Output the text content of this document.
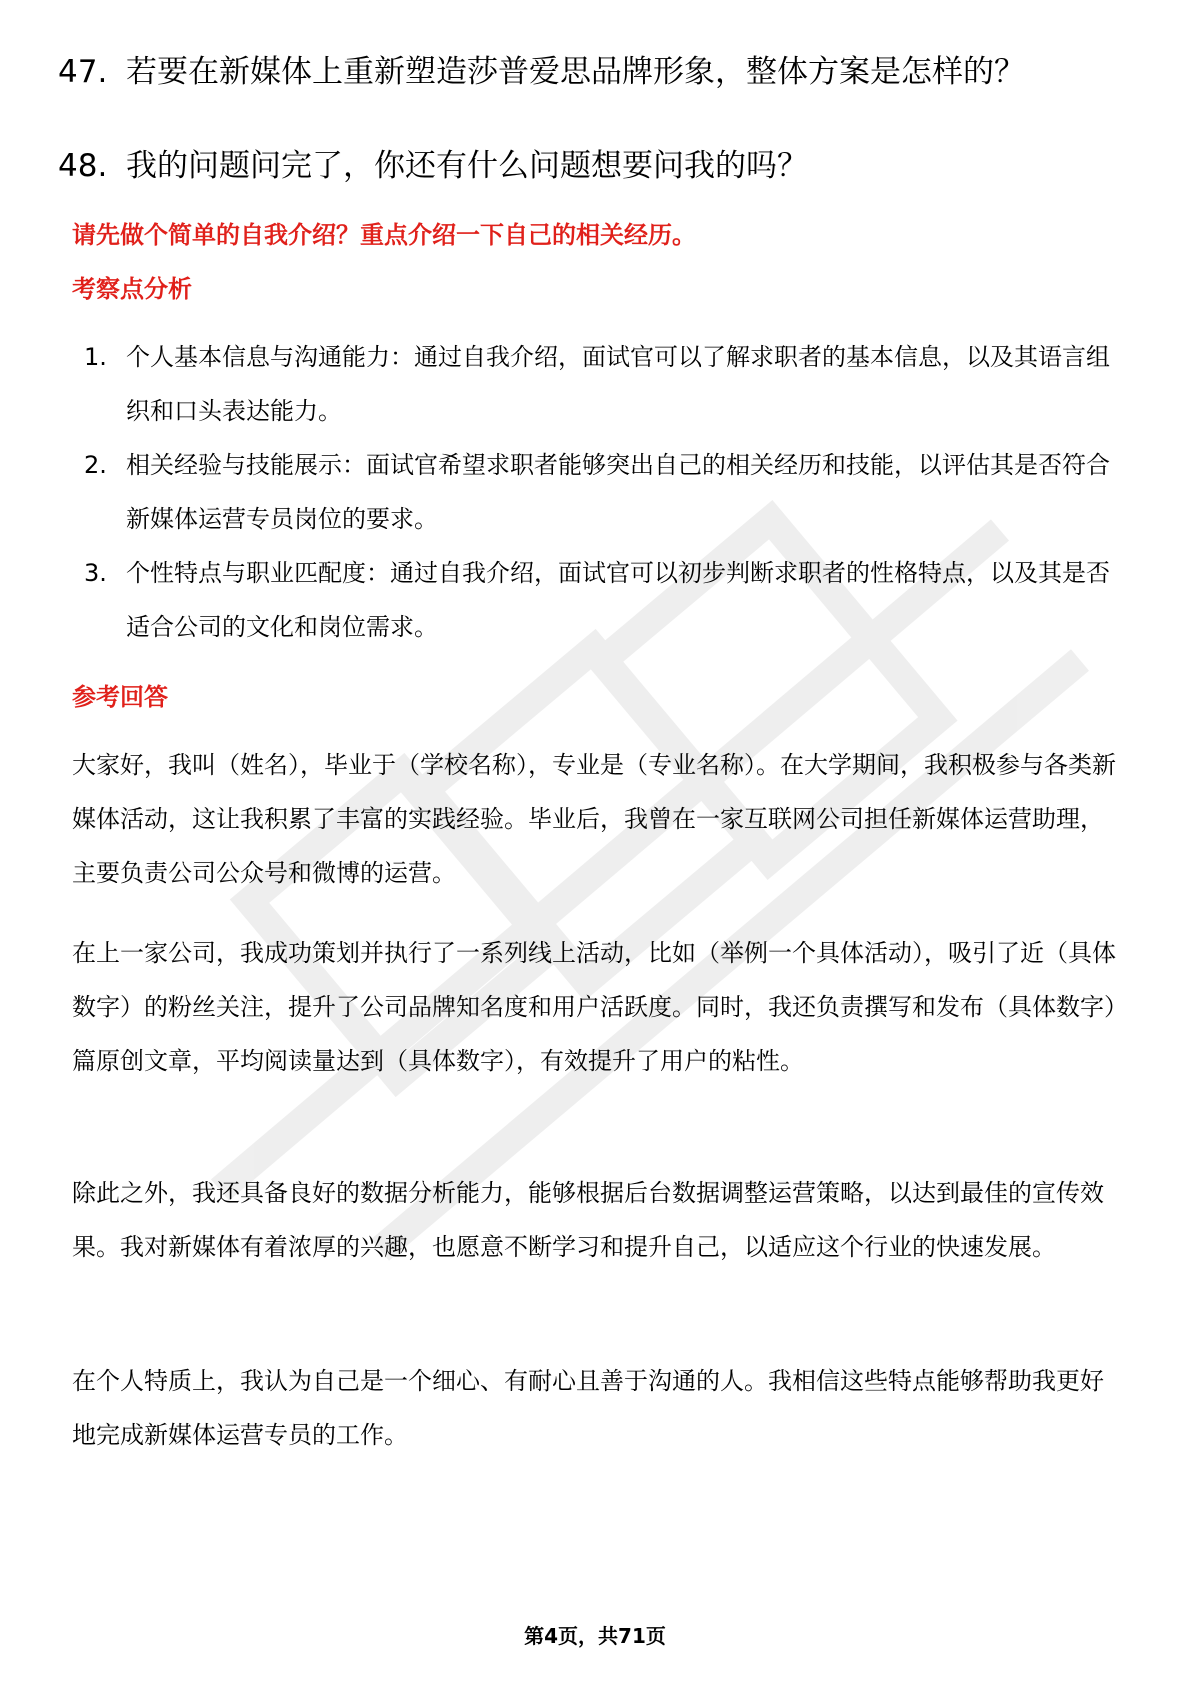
47. 若要在新媒体上重新塑造莎普爱思品牌形象，整体方案是怎样的？
48. 我的问题问完了，你还有什么问题想要问我的吗？
请先做个简单的自我介绍？重点介绍一下自己的相关经历。
考察点分析
1. 个人基本信息与沟通能力：通过自我介绍，面试官可以了解求职者的基本信息，以及其语言组织和口头表达能力。
2. 相关经验与技能展示：面试官希望求职者能够突出自己的相关经历和技能，以评估其是否符合新媒体运营专员岗位的要求。
3. 个性特点与职业匹配度：通过自我介绍，面试官可以初步判断求职者的性格特点，以及其是否适合公司的文化和岗位需求。
参考回答
大家好，我叫（姓名），毕业于（学校名称），专业是（专业名称）。在大学期间，我积极参与各类新媒体活动，这让我积累了丰富的实践经验。毕业后，我曾在一家互联网公司担任新媒体运营助理，主要负责公司公众号和微博的运营。
在上一家公司，我成功策划并执行了一系列线上活动，比如（举例一个具体活动），吸引了近（具体数字）的粉丝关注，提升了公司品牌知名度和用户活跃度。同时，我还负责撰写和发布（具体数字）篇原创文章，平均阅读量达到（具体数字），有效提升了用户的粘性。
除此之外，我还具备良好的数据分析能力，能够根据后台数据调整运营策略，以达到最佳的宣传效果。我对新媒体有着浓厚的兴趣，也愿意不断学习和提升自己，以适应这个行业的快速发展。
在个人特质上，我认为自己是一个细心、有耐心且善于沟通的人。我相信这些特点能够帮助我更好地完成新媒体运营专员的工作。
第4页，共71页
